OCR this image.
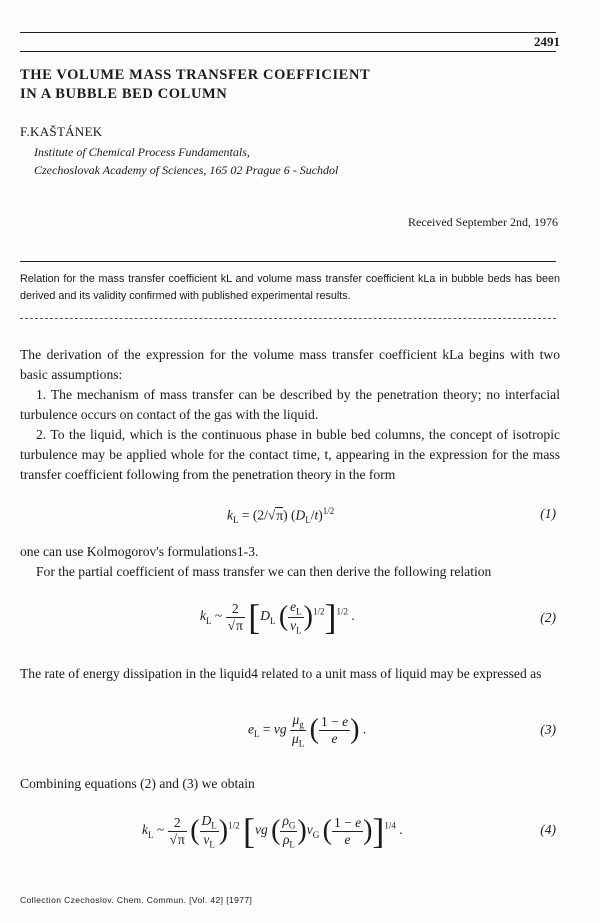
2491
THE VOLUME MASS TRANSFER COEFFICIENT
IN A BUBBLE BED COLUMN
F.KAŠTÁNEK
Institute of Chemical Process Fundamentals,
Czechoslovak Academy of Sciences, 165 02 Prague 6 - Suchdol
Received September 2nd, 1976
Relation for the mass transfer coefficient kL and volume mass transfer coefficient kLa in bubble beds has been derived and its validity confirmed with published experimental results.
The derivation of the expression for the volume mass transfer coefficient kLa begins with two basic assumptions:
1. The mechanism of mass transfer can be described by the penetration theory; no interfacial turbulence occurs on contact of the gas with the liquid.
2. To the liquid, which is the continuous phase in buble bed columns, the concept of isotropic turbulence may be applied whole for the contact time, t, appearing in the expression for the mass transfer coefficient following from the penetration theory in the form
$k_L = (2/√\pi)$ $(D_L/t)^{1/2}$	(1)
one can use Kolmogorov's formulations1-3.
For the partial coefficient of mass transfer we can then derive the following relation
$k_L$ ~ $\frac{2}{√\pi} [D_L$ ( $\frac{e_L}{\nu_L} )^{1/2}]^{1/2}$ .	(2)
The rate of energy dissipation in the liquid4 related to a unit mass of liquid may be expressed as
$e_L$ = vg $\frac{\mu_g}{\mu_L}$ ( $\frac{1 - e}{e}$ ) .	(3)
Combining equations (2) and (3) we obtain
$k_L$ ~ $\frac{2}{√\pi}$ ( $\frac{D_L}{\nu_L} )^{1/2}$ [vg ( $\frac{\rho_G}{\rho_L} )\nu_G$ ( $\frac{1 - e}{e} )]^{1/4}$ .	(4)
Collection Czechoslov. Chem. Commun. [Vol. 42] [1977]
